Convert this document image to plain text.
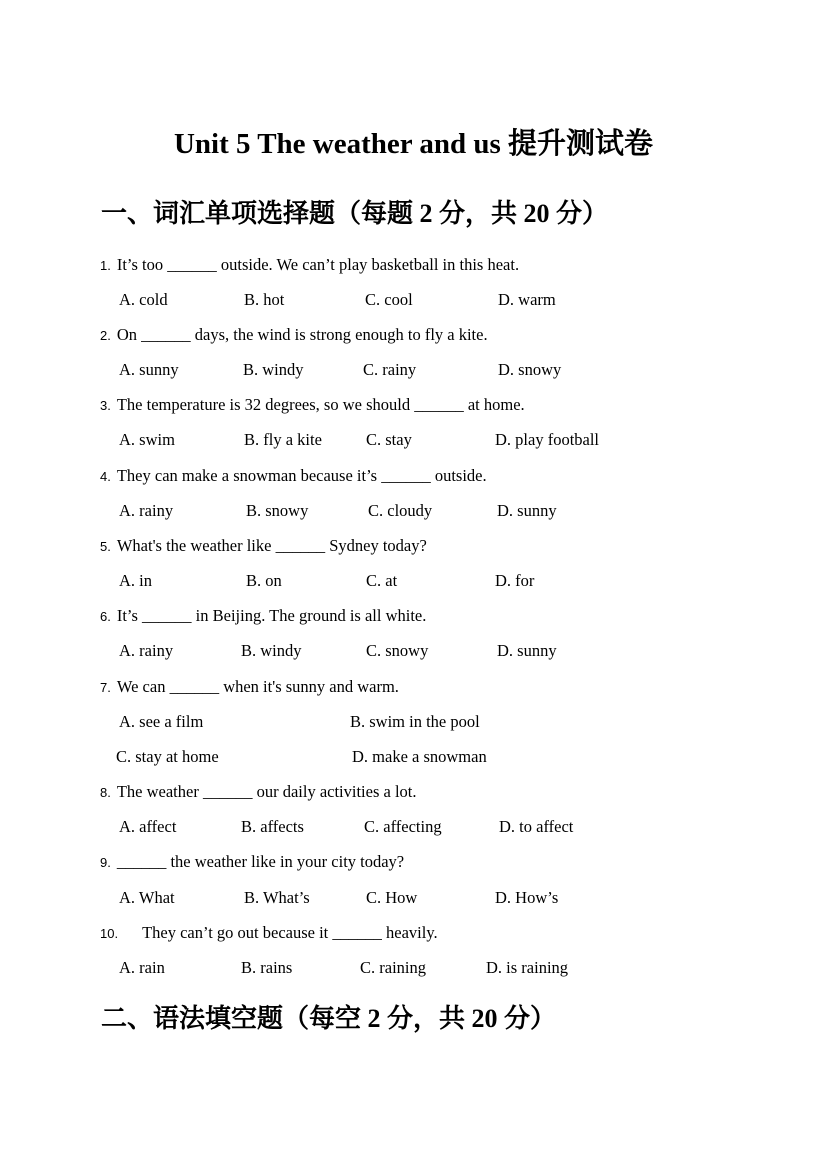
Unit 5 The weather and us 提升测试卷
一、词汇单项选择题（每题 2 分，共 20 分）
1. It’s too ______ outside. We can’t play basketball in this heat.
A. cold	B. hot	C. cool	D. warm
2. On ______ days, the wind is strong enough to fly a kite.
A. sunny	B. windy	C. rainy	D. snowy
3. The temperature is 32 degrees, so we should ______ at home.
A. swim	B. fly a kite	C. stay	D. play football
4. They can make a snowman because it’s ______ outside.
A. rainy	B. snowy	C. cloudy	D. sunny
5. What's the weather like ______ Sydney today?
A. in	B. on	C. at	D. for
6. It’s ______ in Beijing. The ground is all white.
A. rainy	B. windy	C. snowy	D. sunny
7. We can ______ when it's sunny and warm.
A. see a film	B. swim in the pool
C. stay at home	D. make a snowman
8. The weather ______ our daily activities a lot.
A. affect	B. affects	C. affecting	D. to affect
9. ______ the weather like in your city today?
A. What	B. What’s	C. How	D. How’s
10. They can’t go out because it ______ heavily.
A. rain	B. rains	C. raining	D. is raining
二、语法填空题（每空 2 分，共 20 分）
